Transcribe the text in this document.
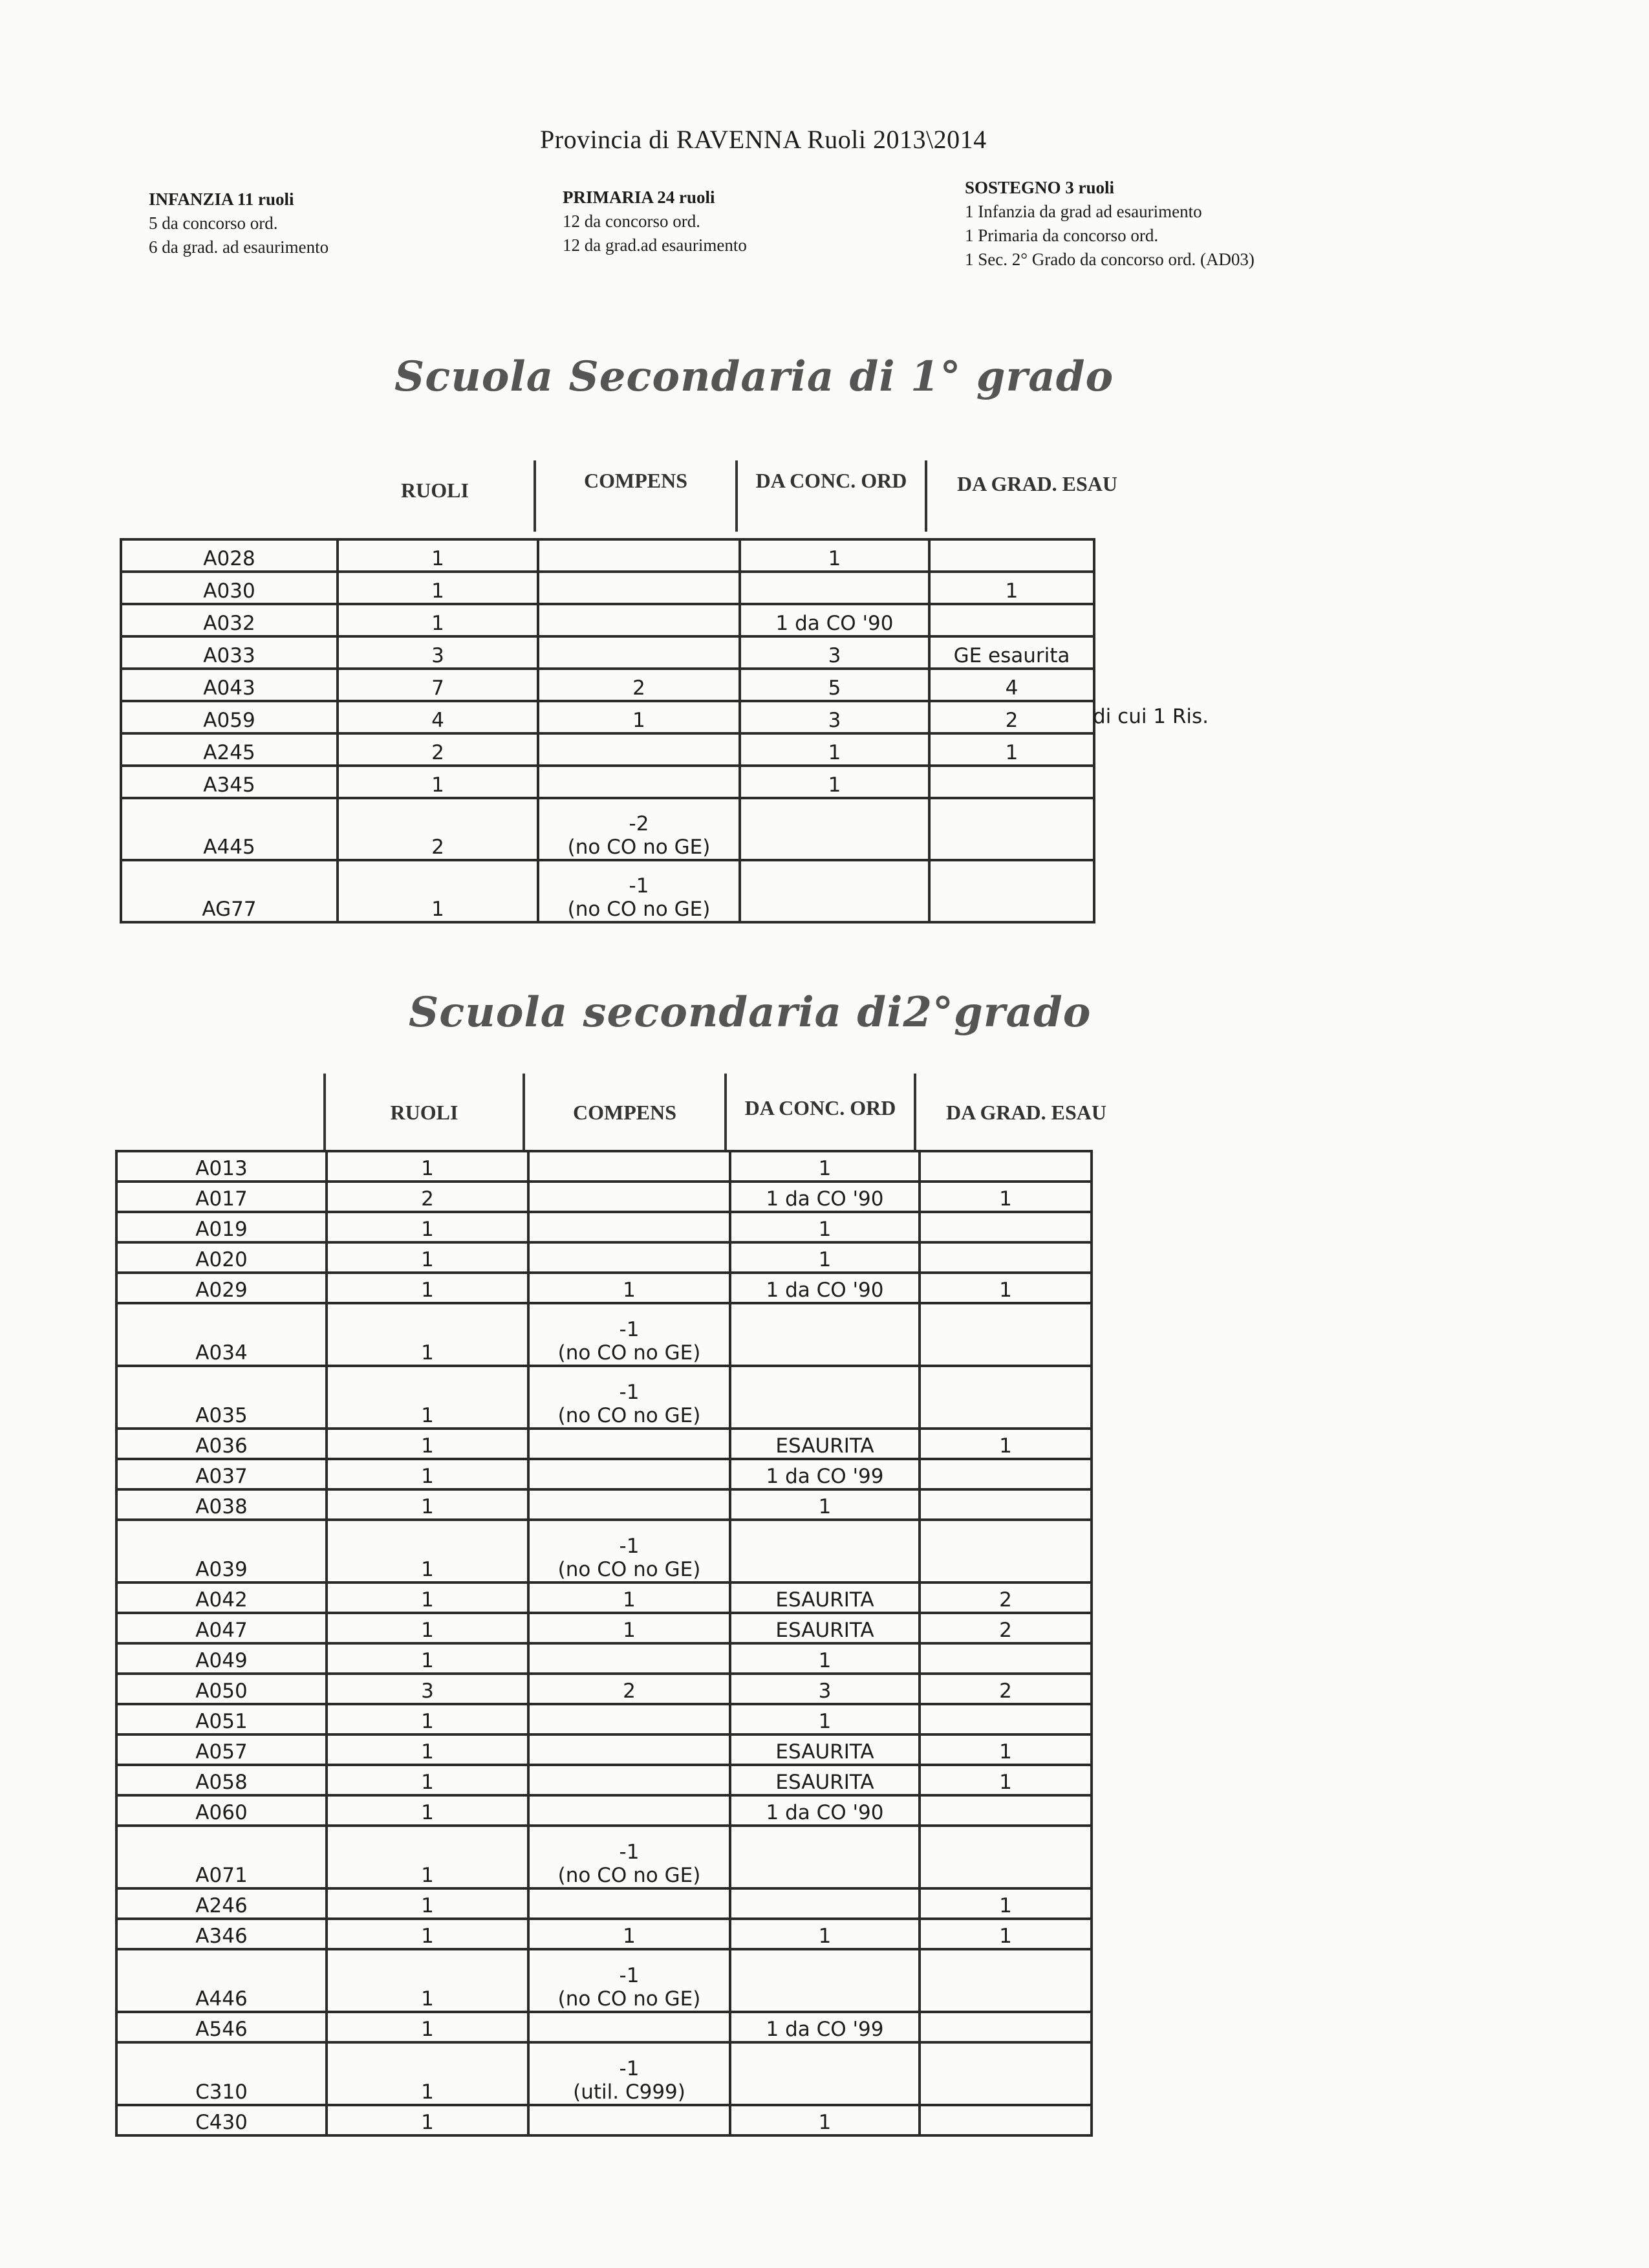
Provincia di RAVENNA Ruoli 2013\2014
INFANZIA 11 ruoli
5 da concorso ord.
6 da grad. ad esaurimento
PRIMARIA 24 ruoli
12 da concorso ord.
12 da grad.ad esaurimento
SOSTEGNO 3 ruoli
1 Infanzia da grad ad esaurimento
1 Primaria da concorso ord.
1 Sec. 2° Grado da concorso ord. (AD03)
Scuola Secondaria di 1° grado
RUOLI	COMPENS	DA CONC. ORD	DA GRAD. ESAU
A028	1		1	

A030	1			1

A032	1		1 da CO '90	

A033	3		3	GE esaurita

A043	7	2	5	4

A059	4	1	3	2

A245	2		1	1

A345	1		1	

A445	2	-2
(no CO no GE)		

AG77	1	-1
(no CO no GE)		

di cui 1 Ris.
Scuola secondaria di2°grado
RUOLI	COMPENS	DA CONC. ORD	DA GRAD. ESAU
A013	1		1	

A017	2		1 da CO '90	1

A019	1		1	

A020	1		1	

A029	1	1	1 da CO '90	1

A034	1	-1
(no CO no GE)		

A035	1	-1
(no CO no GE)		

A036	1		ESAURITA	1

A037	1		1 da CO '99	

A038	1		1	

A039	1	-1
(no CO no GE)		

A042	1	1	ESAURITA	2

A047	1	1	ESAURITA	2

A049	1		1	

A050	3	2	3	2

A051	1		1	

A057	1		ESAURITA	1

A058	1		ESAURITA	1

A060	1		1 da CO '90	

A071	1	-1
(no CO no GE)		

A246	1			1

A346	1	1	1	1

A446	1	-1
(no CO no GE)		

A546	1		1 da CO '99	

C310	1	-1
(util. C999)		

C430	1		1	
